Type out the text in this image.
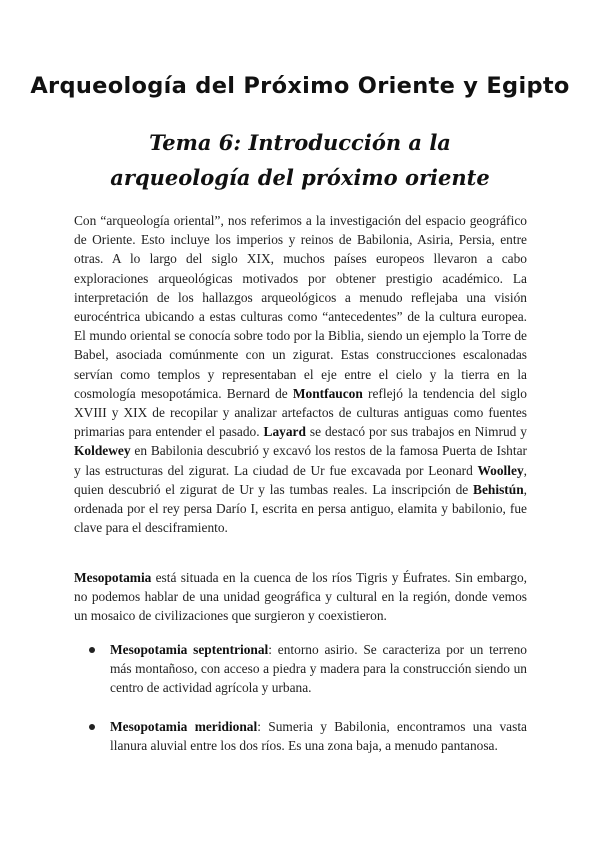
Arqueología del Próximo Oriente y Egipto
Tema 6: Introducción a la arqueología del próximo oriente

Con “arqueología oriental”, nos referimos a la investigación del espacio geográfico de Oriente. Esto incluye los imperios y reinos de Babilonia, Asiria, Persia, entre otras. A lo largo del siglo XIX, muchos países europeos llevaron a cabo exploraciones arqueológicas motivados por obtener prestigio académico. La interpretación de los hallazgos arqueológicos a menudo reflejaba una visión eurocéntrica ubicando a estas culturas como “antecedentes” de la cultura europea. El mundo oriental se conocía sobre todo por la Biblia, siendo un ejemplo la Torre de Babel, asociada comúnmente con un zigurat. Estas construcciones escalonadas servían como templos y representaban el eje entre el cielo y la tierra en la cosmología mesopotámica. Bernard de Montfaucon reflejó la tendencia del siglo XVIII y XIX de recopilar y analizar artefactos de culturas antiguas como fuentes primarias para entender el pasado. Layard se destacó por sus trabajos en Nimrud y Koldewey en Babilonia descubrió y excavó los restos de la famosa Puerta de Ishtar y las estructuras del zigurat. La ciudad de Ur fue excavada por Leonard Woolley, quien descubrió el zigurat de Ur y las tumbas reales. La inscripción de Behistún, ordenada por el rey persa Darío I, escrita en persa antiguo, elamita y babilonio, fue clave para el desciframiento.

Mesopotamia está situada en la cuenca de los ríos Tigris y Éufrates. Sin embargo, no podemos hablar de una unidad geográfica y cultural en la región, donde vemos un mosaico de civilizaciones que surgieron y coexistieron.

Mesopotamia septentrional: entorno asirio. Se caracteriza por un terreno más montañoso, con acceso a piedra y madera para la construcción siendo un centro de actividad agrícola y urbana.
Mesopotamia meridional: Sumeria y Babilonia, encontramos una vasta llanura aluvial entre los dos ríos. Es una zona baja, a menudo pantanosa.
